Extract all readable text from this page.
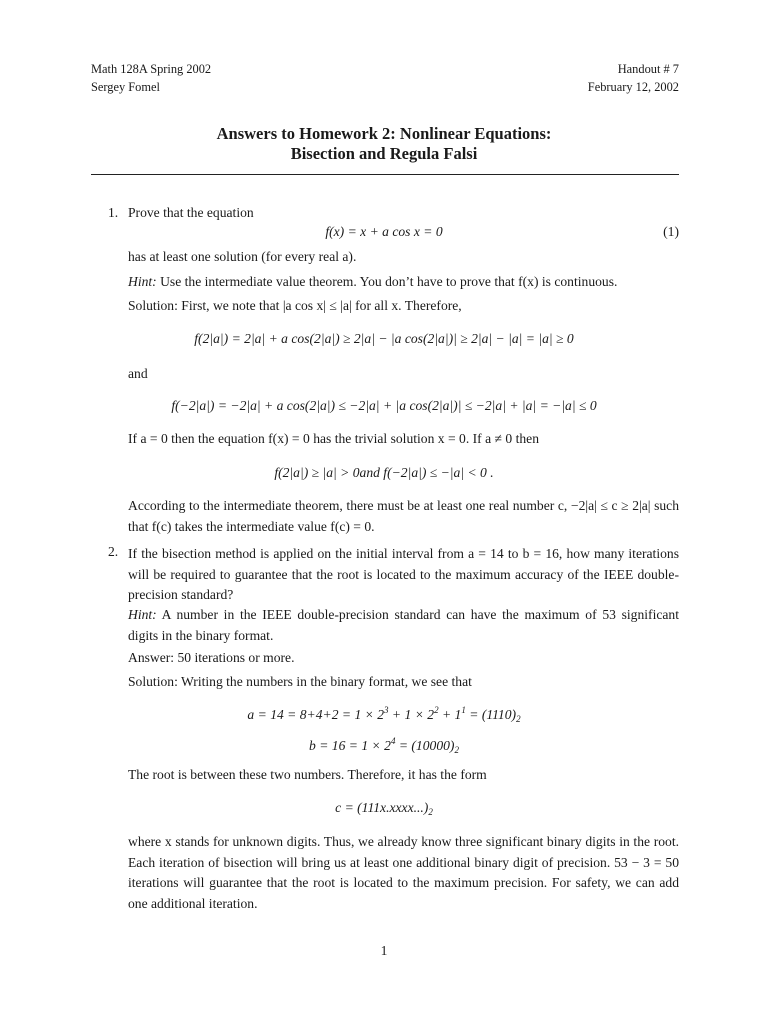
Math 128A Spring 2002
Sergey Fomel
Handout # 7
February 12, 2002
Answers to Homework 2: Nonlinear Equations:
Bisection and Regula Falsi
1. Prove that the equation
f(x) = x + a cos x = 0	(1)
has at least one solution (for every real a).
Hint: Use the intermediate value theorem. You don’t have to prove that f(x) is continuous.
Solution: First, we note that |a cos x| ≤ |a| for all x. Therefore,
f(2|a|) = 2|a| + a cos(2|a|) ≥ 2|a| − |a cos(2|a|)| ≥ 2|a| − |a| = |a| ≥ 0
and
f(−2|a|) = −2|a| + a cos(2|a|) ≤ −2|a| + |a cos(2|a|)| ≤ −2|a| + |a| = −|a| ≤ 0
If a = 0 then the equation f(x) = 0 has the trivial solution x = 0. If a ≠ 0 then
f(2|a|) ≥ |a| > 0and f(−2|a|) ≤ −|a| < 0 .
According to the intermediate theorem, there must be at least one real number c, −2|a| ≤ c ≥ 2|a| such that f(c) takes the intermediate value f(c) = 0.
2. If the bisection method is applied on the initial interval from a = 14 to b = 16, how many iterations will be required to guarantee that the root is located to the maximum accuracy of the IEEE double-precision standard?
Hint: A number in the IEEE double-precision standard can have the maximum of 53 significant digits in the binary format.
Answer: 50 iterations or more.
Solution: Writing the numbers in the binary format, we see that
$a = 14 = 8+4+2 = 1 \times 2^3 + 1 \times 2^2 + 1^1 = (1110)_2$
$b = 16 = 1 \times 2^4 = (10000)_2$
The root is between these two numbers. Therefore, it has the form
$c = (111x.xxxx...)_2$
where x stands for unknown digits. Thus, we already know three significant binary digits in the root. Each iteration of bisection will bring us at least one additional binary digit of precision. 53 − 3 = 50 iterations will guarantee that the root is located to the maximum precision. For safety, we can add one additional iteration.
1
